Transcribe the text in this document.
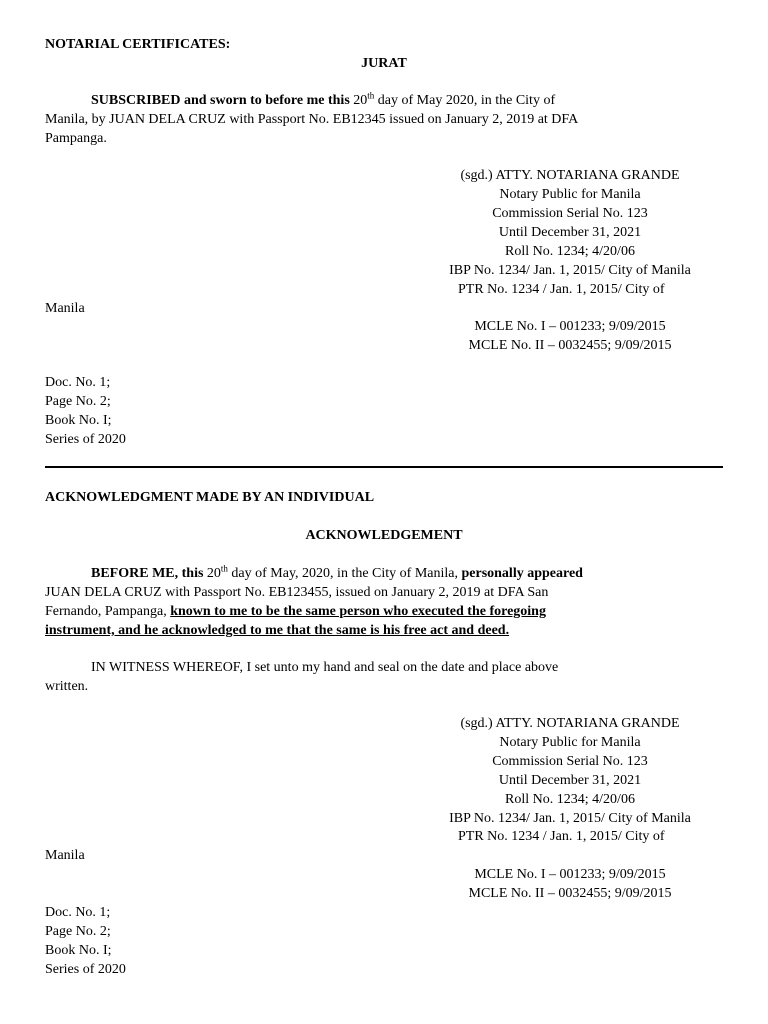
NOTARIAL CERTIFICATES:
JURAT
SUBSCRIBED and sworn to before me this 20th day of May 2020, in the City of
Manila, by JUAN DELA CRUZ with Passport No. EB12345 issued on January 2, 2019 at DFA
Pampanga.
(sgd.) ATTY. NOTARIANA GRANDE
Notary Public for Manila
Commission Serial No. 123
Until December 31, 2021
Roll No. 1234; 4/20/06
IBP No. 1234/ Jan. 1, 2015/ City of Manila
PTR No. 1234 / Jan. 1, 2015/ City of
Manila
MCLE No. I – 001233; 9/09/2015
MCLE No. II – 0032455; 9/09/2015
Doc. No. 1;
Page No. 2;
Book No. I;
Series of 2020
ACKNOWLEDGMENT MADE BY AN INDIVIDUAL
ACKNOWLEDGEMENT
BEFORE ME, this 20th day of May, 2020, in the City of Manila, personally appeared
JUAN DELA CRUZ with Passport No. EB123455, issued on January 2, 2019 at DFA San
Fernando, Pampanga, known to me to be the same person who executed the foregoing
instrument, and he acknowledged to me that the same is his free act and deed.
IN WITNESS WHEREOF, I set unto my hand and seal on the date and place above
written.
(sgd.) ATTY. NOTARIANA GRANDE
Notary Public for Manila
Commission Serial No. 123
Until December 31, 2021
Roll No. 1234; 4/20/06
IBP No. 1234/ Jan. 1, 2015/ City of Manila
PTR No. 1234 / Jan. 1, 2015/ City of
Manila
MCLE No. I – 001233; 9/09/2015
MCLE No. II – 0032455; 9/09/2015
Doc. No. 1;
Page No. 2;
Book No. I;
Series of 2020
